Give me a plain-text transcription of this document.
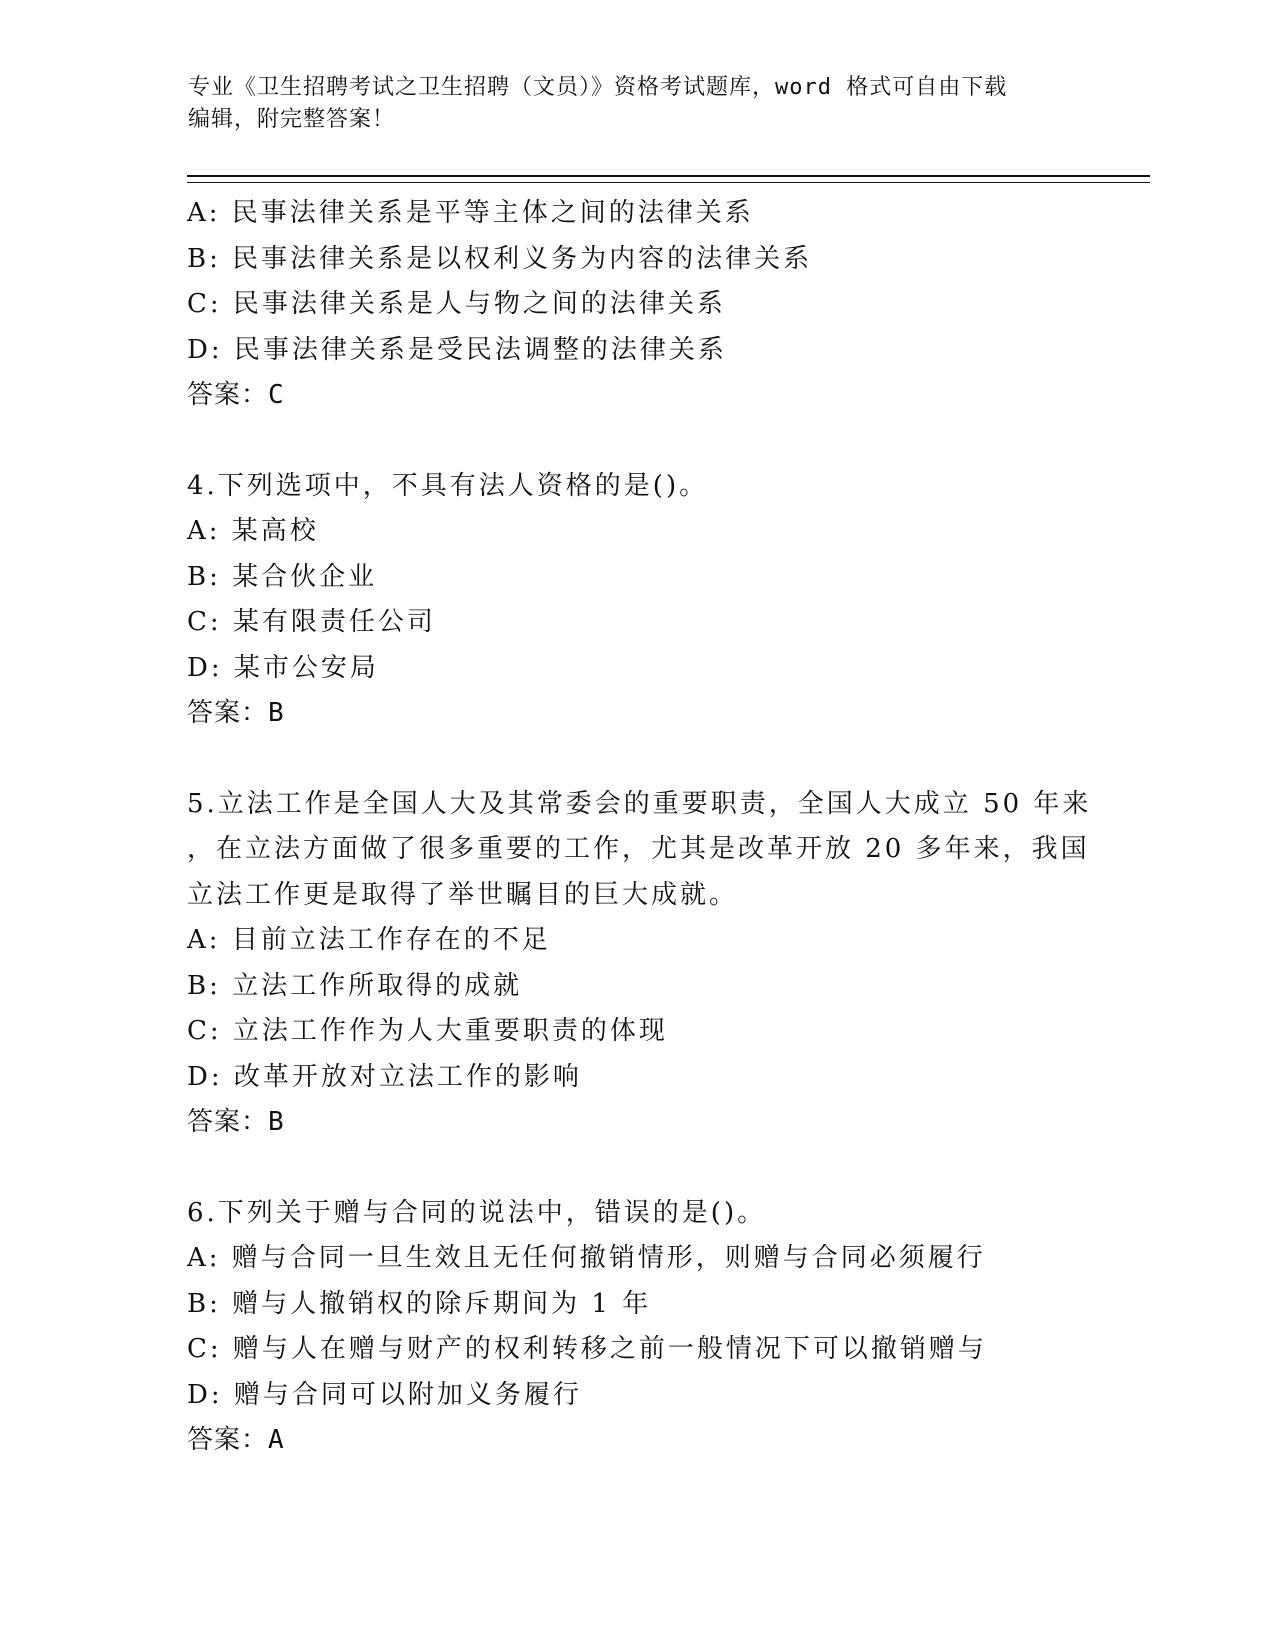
专业《卫生招聘考试之卫生招聘（文员）》资格考试题库，word 格式可自由下载
编辑，附完整答案！
A: 民事法律关系是平等主体之间的法律关系
B: 民事法律关系是以权利义务为内容的法律关系
C: 民事法律关系是人与物之间的法律关系
D: 民事法律关系是受民法调整的法律关系
答案：C
4.下列选项中，不具有法人资格的是()。
A: 某高校
B: 某合伙企业
C: 某有限责任公司
D: 某市公安局
答案：B
5.立法工作是全国人大及其常委会的重要职责，全国人大成立 50 年来
，在立法方面做了很多重要的工作，尤其是改革开放 20 多年来，我国
立法工作更是取得了举世瞩目的巨大成就。
A: 目前立法工作存在的不足
B: 立法工作所取得的成就
C: 立法工作作为人大重要职责的体现
D: 改革开放对立法工作的影响
答案：B
6.下列关于赠与合同的说法中，错误的是()。
A: 赠与合同一旦生效且无任何撤销情形，则赠与合同必须履行
B: 赠与人撤销权的除斥期间为 1 年
C: 赠与人在赠与财产的权利转移之前一般情况下可以撤销赠与
D: 赠与合同可以附加义务履行
答案：A
